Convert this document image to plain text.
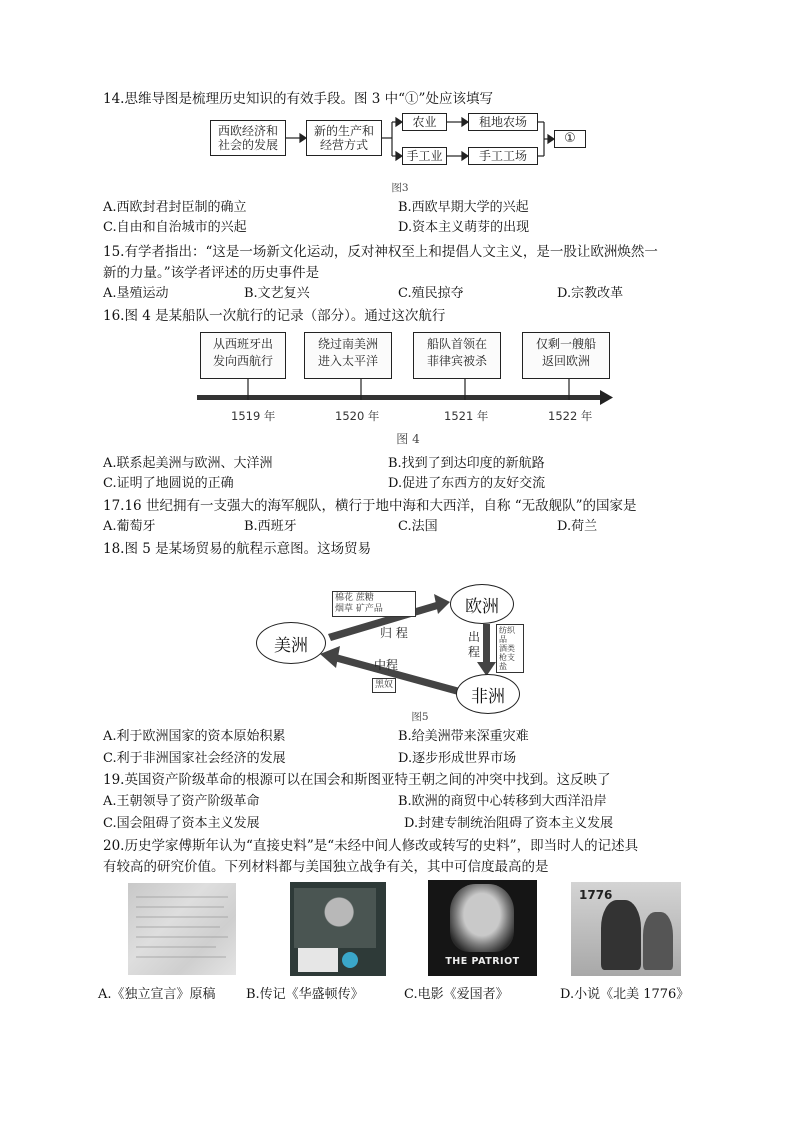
14.思维导图是梳理历史知识的有效手段。图 3 中“①”处应该填写
西欧经济和
社会的发展
新的生产和
经营方式
农业
手工业
租地农场
手工工场
①
图3
A.西欧封君封臣制的确立	B.西欧早期大学的兴起
C.自由和自治城市的兴起	D.资本主义萌芽的出现
15.有学者指出：“这是一场新文化运动，反对神权至上和提倡人文主义，是一股让欧洲焕然一
新的力量。”该学者评述的历史事件是
A.垦殖运动	B.文艺复兴	C.殖民掠夺	D.宗教改革
16.图 4 是某船队一次航行的记录（部分）。通过这次航行
从西班牙出
发向西航行
绕过南美洲
进入太平洋
船队首领在
菲律宾被杀
仅剩一艘船
返回欧洲
1519 年	1520 年	1521 年	1522 年
图 4
A.联系起美洲与欧洲、大洋洲	B.找到了到达印度的新航路
C.证明了地圆说的正确	D.促进了东西方的友好交流
17.16 世纪拥有一支强大的海军舰队，横行于地中海和大西洋，自称 “无敌舰队”的国家是
A.葡萄牙	B.西班牙	C.法国	D.荷兰
18.图 5 是某场贸易的航程示意图。这场贸易
美洲
欧洲
非洲
棉花 蔗糖
烟草 矿产品
归 程	出
程
纺织品
酒类
枪支
盐
中程
黑奴
图5
A.利于欧洲国家的资本原始积累	B.给美洲带来深重灾难
C.利于非洲国家社会经济的发展	D.逐步形成世界市场
19.英国资产阶级革命的根源可以在国会和斯图亚特王朝之间的冲突中找到。这反映了
A.王朝领导了资产阶级革命	B.欧洲的商贸中心转移到大西洋沿岸
C.国会阻碍了资本主义发展	D.封建专制统治阻碍了资本主义发展
20.历史学家傅斯年认为“直接史料”是“未经中间人修改或转写的史料”，即当时人的记述具
有较高的研究价值。下列材料都与美国独立战争有关，其中可信度最高的是
THE PATRIOT
1776
A.《独立宣言》原稿 B.传记《华盛顿传》	C.电影《爱国者》	D.小说《北美 1776》
